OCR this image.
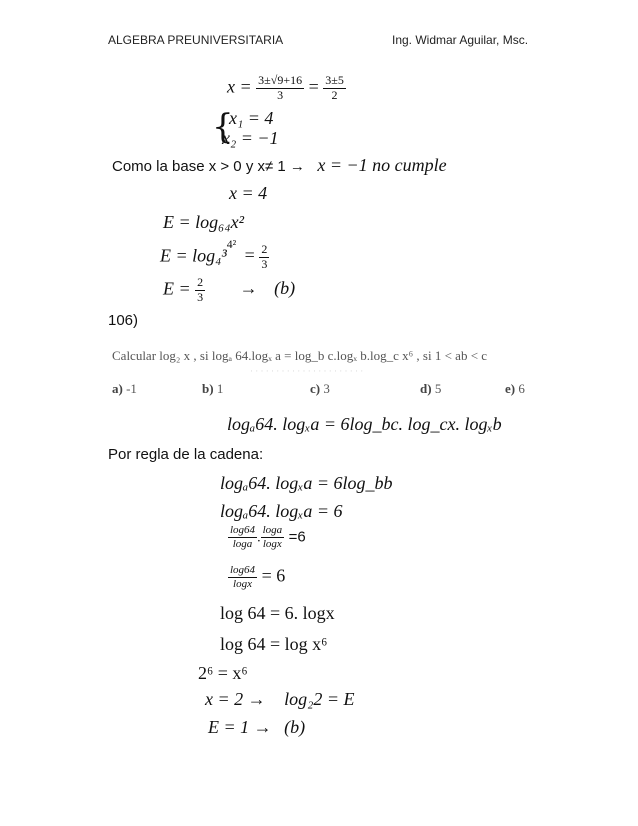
ALGEBRA PREUNIVERSITARIA	Ing. Widmar Aguilar, Msc.
$x = \frac{3\pm√9+16}{3} = \frac{3\pm 5}{2}$
{
x₁ = 4
x₂ = −1
Como la base x > 0 y x≠ 1 → x = −1 no cumple
x = 4
E = log₆₄x²
$E = \log_4^3^{4^2} = \frac{2}{3}$
$E = \frac{2}{3} \to (b)$
106)
Calcular log₂ x , si logₐ 64.logₓ a = log_b c.logₓ b.log_c x⁶ , si 1 < ab < c
· · · · · · · · · · · · · · · · · · · · · ·
a) -1	b) 1	c) 3	d) 5	e) 6
logₐ64. logₓa = 6log_bc. log_cx. logₓb
Por regla de la cadena:
logₐ64. logₓa = 6log_bb
logₐ64. logₓa = 6
$\frac{\log 64}{\log a}$ . $\frac{\log a}{\log x} =6$
$\frac{\log 64}{\log x} = 6$
log 64 = 6. logx
log 64 = log x⁶
2⁶ = x⁶
x = 2 → log₂2 = E
E = 1 → (b)
